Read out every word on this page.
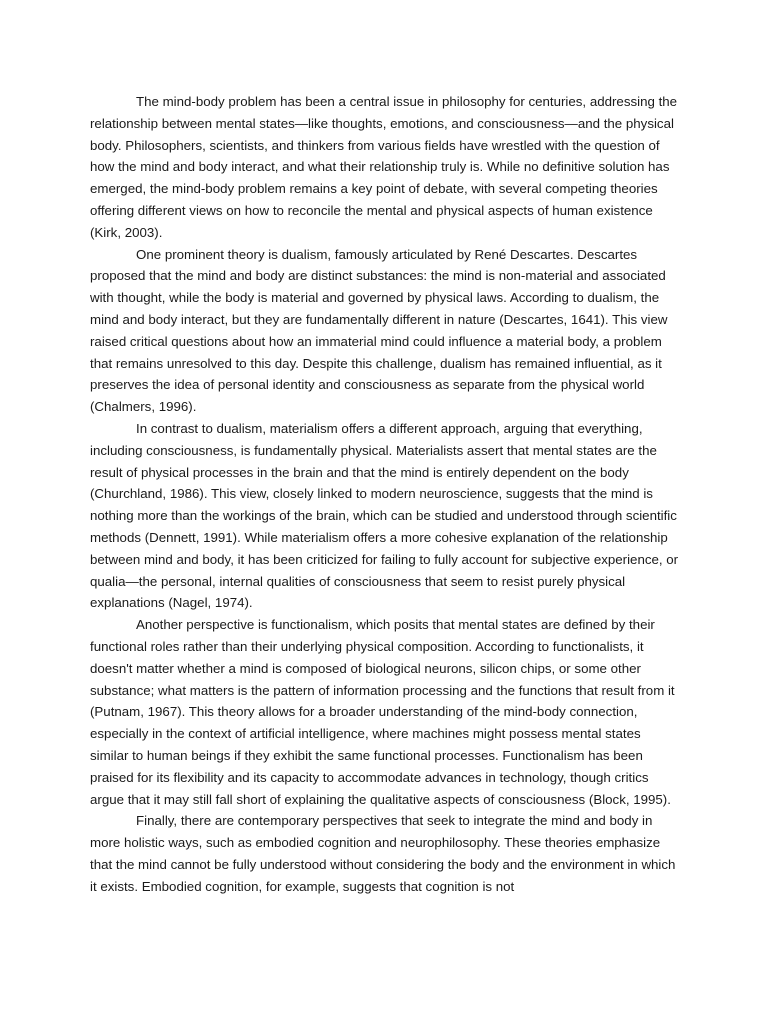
The mind-body problem has been a central issue in philosophy for centuries, addressing the relationship between mental states—like thoughts, emotions, and consciousness—and the physical body. Philosophers, scientists, and thinkers from various fields have wrestled with the question of how the mind and body interact, and what their relationship truly is. While no definitive solution has emerged, the mind-body problem remains a key point of debate, with several competing theories offering different views on how to reconcile the mental and physical aspects of human existence (Kirk, 2003).

One prominent theory is dualism, famously articulated by René Descartes. Descartes proposed that the mind and body are distinct substances: the mind is non-material and associated with thought, while the body is material and governed by physical laws. According to dualism, the mind and body interact, but they are fundamentally different in nature (Descartes, 1641). This view raised critical questions about how an immaterial mind could influence a material body, a problem that remains unresolved to this day. Despite this challenge, dualism has remained influential, as it preserves the idea of personal identity and consciousness as separate from the physical world (Chalmers, 1996).

In contrast to dualism, materialism offers a different approach, arguing that everything, including consciousness, is fundamentally physical. Materialists assert that mental states are the result of physical processes in the brain and that the mind is entirely dependent on the body (Churchland, 1986). This view, closely linked to modern neuroscience, suggests that the mind is nothing more than the workings of the brain, which can be studied and understood through scientific methods (Dennett, 1991). While materialism offers a more cohesive explanation of the relationship between mind and body, it has been criticized for failing to fully account for subjective experience, or qualia—the personal, internal qualities of consciousness that seem to resist purely physical explanations (Nagel, 1974).

Another perspective is functionalism, which posits that mental states are defined by their functional roles rather than their underlying physical composition. According to functionalists, it doesn't matter whether a mind is composed of biological neurons, silicon chips, or some other substance; what matters is the pattern of information processing and the functions that result from it (Putnam, 1967). This theory allows for a broader understanding of the mind-body connection, especially in the context of artificial intelligence, where machines might possess mental states similar to human beings if they exhibit the same functional processes. Functionalism has been praised for its flexibility and its capacity to accommodate advances in technology, though critics argue that it may still fall short of explaining the qualitative aspects of consciousness (Block, 1995).

Finally, there are contemporary perspectives that seek to integrate the mind and body in more holistic ways, such as embodied cognition and neurophilosophy. These theories emphasize that the mind cannot be fully understood without considering the body and the environment in which it exists. Embodied cognition, for example, suggests that cognition is not
